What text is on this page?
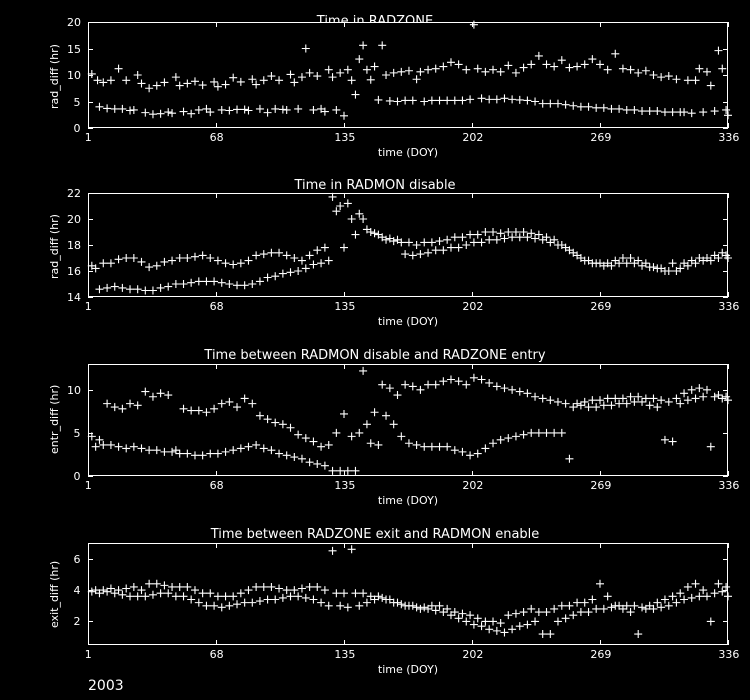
1	68	135	202	269	336
0
5
10
15
20
rad_diff (hr)
time (DOY)
Time in RADMON disable
1	68	135	202	269	336
14
16
18
20
22
rad_diff (hr)
time (DOY)
Time between RADMON disable and RADZONE entry
1	68	135	202	269	336
0
5
10
entr_diff (hr)
time (DOY)
Time between RADZONE exit and RADMON enable
1	68	135	202	269	336
2
4
6
exit_diff (hr)
time (DOY)
2003
